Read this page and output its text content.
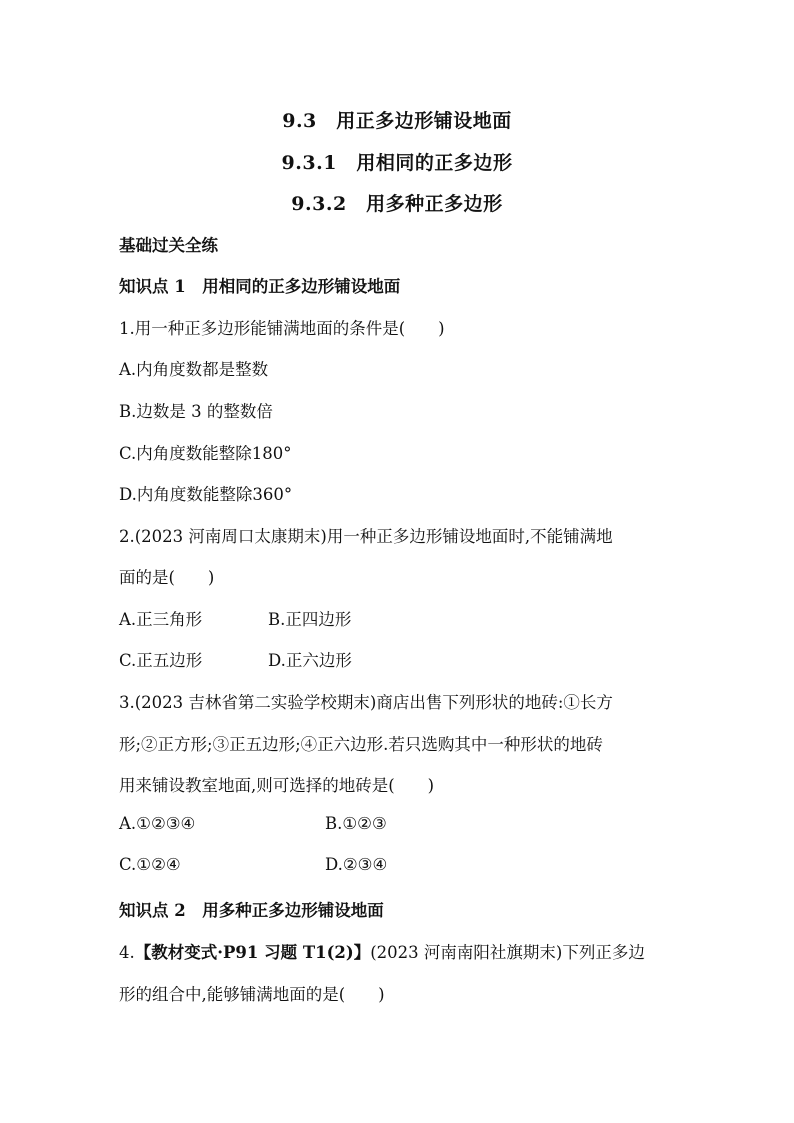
9.3　用正多边形铺设地面
9.3.1　用相同的正多边形
9.3.2　用多种正多边形
基础过关全练
知识点 1　用相同的正多边形铺设地面
1.用一种正多边形能铺满地面的条件是(　　)
A.内角度数都是整数
B.边数是 3 的整数倍
C.内角度数能整除180°
D.内角度数能整除360°
2.(2023 河南周口太康期末)用一种正多边形铺设地面时,不能铺满地
面的是(　　)
A.正三角形	B.正四边形
C.正五边形	D.正六边形
3.(2023 吉林省第二实验学校期末)商店出售下列形状的地砖:①长方
形;②正方形;③正五边形;④正六边形.若只选购其中一种形状的地砖
用来铺设教室地面,则可选择的地砖是(　　)
A.①②③④	B.①②③
C.①②④	D.②③④
知识点 2　用多种正多边形铺设地面
4.【教材变式·P91 习题 T1(2)】(2023 河南南阳社旗期末)下列正多边
形的组合中,能够铺满地面的是(　　)
